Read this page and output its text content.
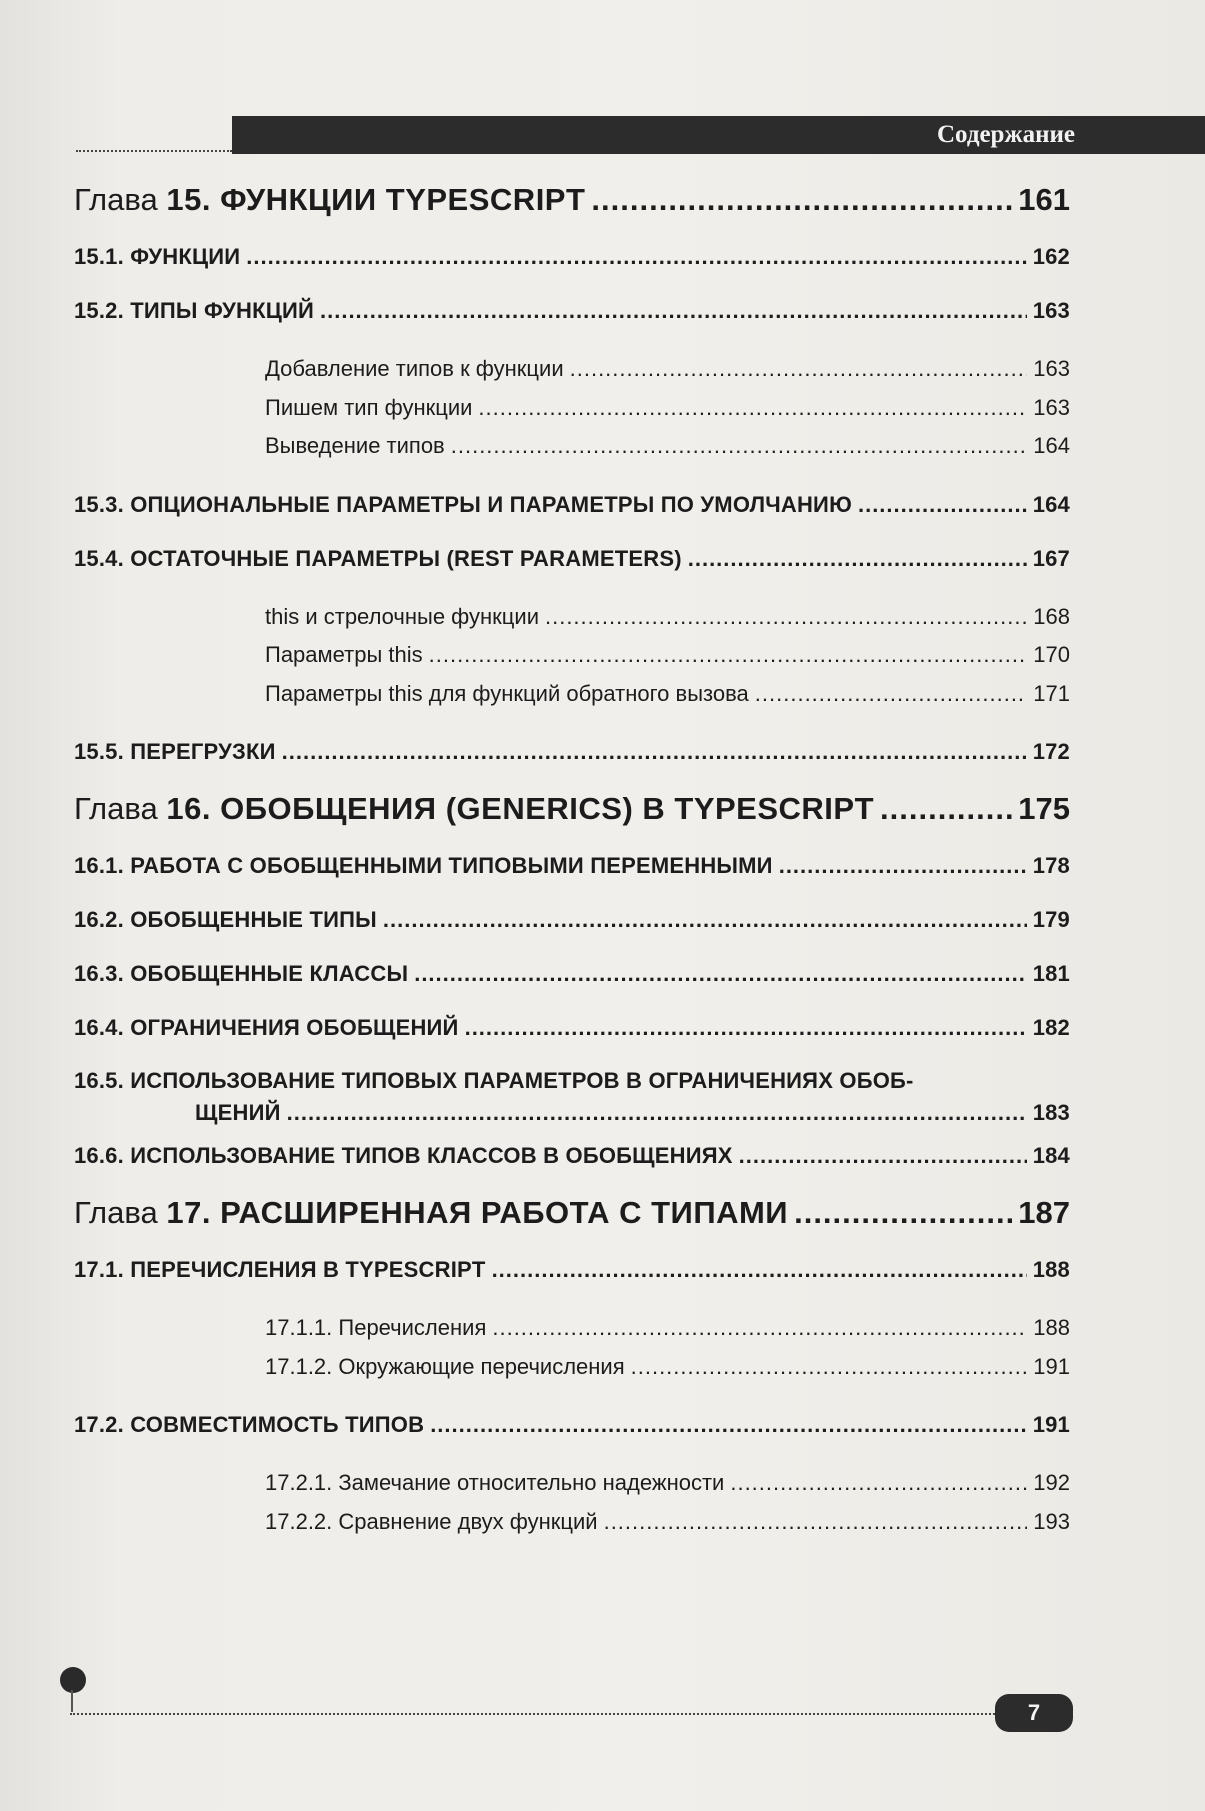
Содержание
Глава 15. ФУНКЦИИ TYPESCRIPT .....	161
15.1. ФУНКЦИИ .....	162
15.2. ТИПЫ ФУНКЦИЙ .....	163
Добавление типов к функции .....	163
Пишем тип функции .....	163
Выведение типов .....	164
15.3. ОПЦИОНАЛЬНЫЕ ПАРАМЕТРЫ И ПАРАМЕТРЫ ПО УМОЛЧАНИЮ .....	164
15.4. ОСТАТОЧНЫЕ ПАРАМЕТРЫ (REST PARAMETERS) .....	167
this и стрелочные функции .....	168
Параметры this .....	170
Параметры this для функций обратного вызова .....	171
15.5. ПЕРЕГРУЗКИ .....	172
Глава 16. ОБОБЩЕНИЯ (GENERICS) В TYPESCRIPT .....	175
16.1. РАБОТА С ОБОБЩЕННЫМИ ТИПОВЫМИ ПЕРЕМЕННЫМИ .....	178
16.2. ОБОБЩЕННЫЕ ТИПЫ .....	179
16.3. ОБОБЩЕННЫЕ КЛАССЫ .....	181
16.4. ОГРАНИЧЕНИЯ ОБОБЩЕНИЙ .....	182
16.5. ИСПОЛЬЗОВАНИЕ ТИПОВЫХ ПАРАМЕТРОВ В ОГРАНИЧЕНИЯХ ОБОБ-
ЩЕНИЙ .....	183
16.6. ИСПОЛЬЗОВАНИЕ ТИПОВ КЛАССОВ В ОБОБЩЕНИЯХ .....	184
Глава 17. РАСШИРЕННАЯ РАБОТА С ТИПАМИ .....	187
17.1. ПЕРЕЧИСЛЕНИЯ В TYPESCRIPT .....	188
17.1.1. Перечисления .....	188
17.1.2. Окружающие перечисления .....	191
17.2. СОВМЕСТИМОСТЬ ТИПОВ .....	191
17.2.1. Замечание относительно надежности .....	192
17.2.2. Сравнение двух функций .....	193
7
